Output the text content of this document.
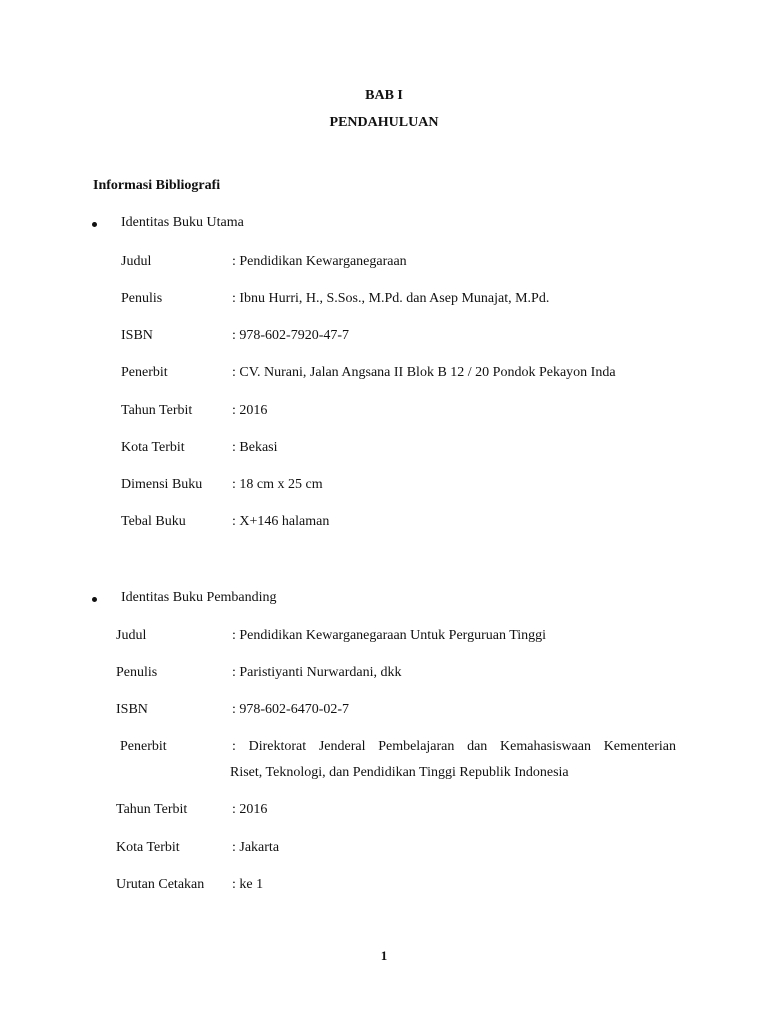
BAB I
PENDAHULUAN
Informasi Bibliografi
Identitas Buku Utama
Judul	: Pendidikan Kewarganegaraan
Penulis	: Ibnu Hurri, H., S.Sos., M.Pd. dan Asep Munajat, M.Pd.
ISBN	: 978-602-7920-47-7
Penerbit	: CV. Nurani, Jalan Angsana II Blok B 12 / 20 Pondok Pekayon Inda
Tahun Terbit	: 2016
Kota Terbit	: Bekasi
Dimensi Buku : 18 cm x 25 cm
Tebal Buku	: X+146 halaman
Identitas Buku Pembanding
Judul	: Pendidikan Kewarganegaraan Untuk Perguruan Tinggi
Penulis	: Paristiyanti Nurwardani, dkk
ISBN	: 978-602-6470-02-7
Penerbit	: Direktorat Jenderal Pembelajaran dan Kemahasiswaan Kementerian
Riset, Teknologi, dan Pendidikan Tinggi Republik Indonesia
Tahun Terbit	: 2016
Kota Terbit	: Jakarta
Urutan Cetakan : ke 1
1
